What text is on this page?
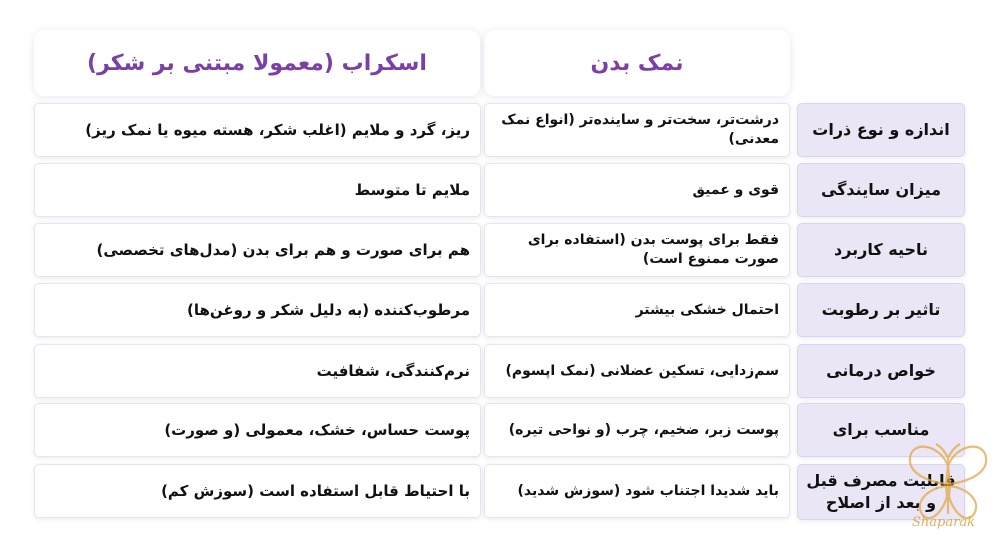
نمک بدن
اسکراب (معمولا مبتنی بر شکر)
اندازه و نوع ذرات
درشت‌تر، سخت‌تر و ساینده‌تر (انواع نمک معدنی)
ریز، گرد و ملایم (اغلب شکر، هسته میوه یا نمک ریز)
میزان سایندگی
قوی و عمیق
ملایم تا متوسط
ناحیه کاربرد
فقط برای پوست بدن (استفاده برای صورت ممنوع است)
هم برای صورت و هم برای بدن (مدل‌های تخصصی)
تاثیر بر رطوبت
احتمال خشکی بیشتر
مرطوب‌کننده (به دلیل شکر و روغن‌ها)
خواص درمانی
سم‌زدایی، تسکین عضلانی (نمک اپسوم)
نرم‌کنندگی، شفافیت
مناسب برای
پوست زبر، ضخیم، چرب (و نواحی تیره)
پوست حساس، خشک، معمولی (و صورت)
قابلیت مصرف قبل و بعد از اصلاح
باید شدیدا اجتناب شود (سوزش شدید)
با احتیاط قابل استفاده است (سوزش کم)
Shaparak
